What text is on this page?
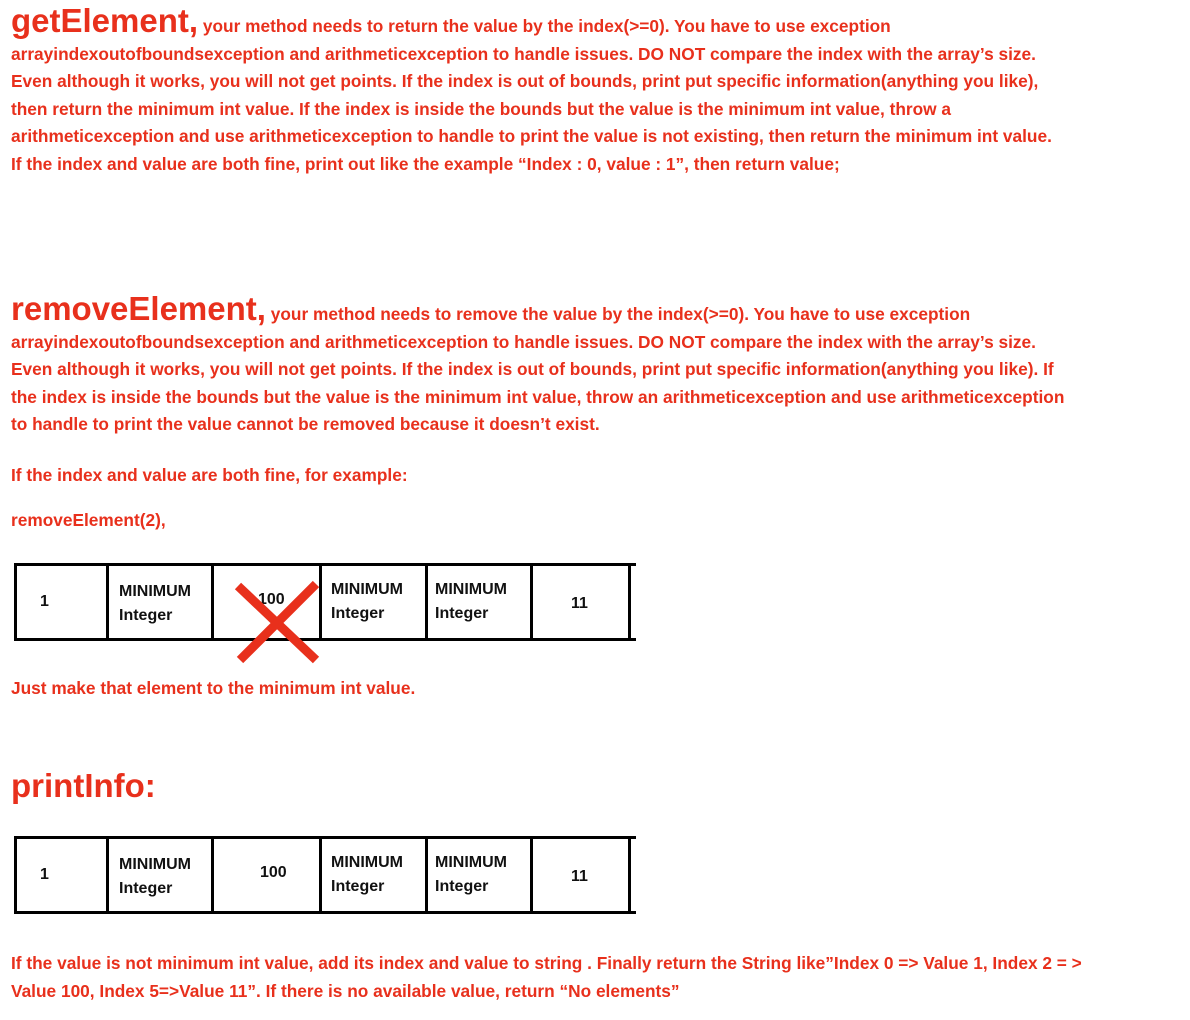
getElement, your method needs to return the value by the index(>=0). You have to use exception
arrayindexoutofboundsexception and arithmeticexception to handle issues. DO NOT compare the index with the array’s size.
Even although it works, you will not get points. If the index is out of bounds, print put specific information(anything you like),
then return the minimum int value. If the index is inside the bounds but the value is the minimum int value, throw a
arithmeticexception and use arithmeticexception to handle to print the value is not existing, then return the minimum int value.
If the index and value are both fine, print out like the example “Index : 0, value : 1”, then return value;
removeElement, your method needs to remove the value by the index(>=0). You have to use exception
arrayindexoutofboundsexception and arithmeticexception to handle issues. DO NOT compare the index with the array’s size.
Even although it works, you will not get points. If the index is out of bounds, print put specific information(anything you like). If
the index is inside the bounds but the value is the minimum int value, throw an arithmeticexception and use arithmeticexception
to handle to print the value cannot be removed because it doesn’t exist.
If the index and value are both fine, for example:
removeElement(2),
1
MINIMUM
Integer
100
MINIMUM
Integer
MINIMUM
Integer
11
Just make that element to the minimum int value.
printInfo:
1
MINIMUM
Integer
100
MINIMUM
Integer
MINIMUM
Integer
11
If the value is not minimum int value, add its index and value to string . Finally return the String like”Index 0 => Value 1, Index 2 = >
Value 100, Index 5=>Value 11”. If there is no available value, return “No elements”
